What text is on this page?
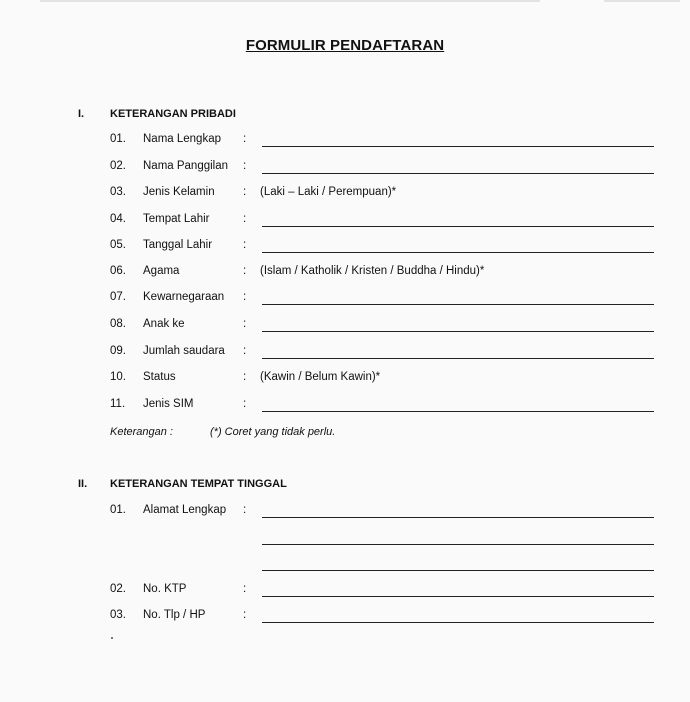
FORMULIR PENDAFTARAN
I. KETERANGAN PRIBADI
01. Nama Lengkap :
02. Nama Panggilan :
03. Jenis Kelamin : (Laki – Laki / Perempuan)*
04. Tempat Lahir	:
05. Tanggal Lahir	:
06. Agama	: (Islam / Katholik / Kristen / Buddha / Hindu)*
07. Kewarnegaraan :
08. Anak ke	:
09. Jumlah saudara :
10. Status	: (Kawin / Belum Kawin)*
11. Jenis SIM	:
Keterangan :	(*) Coret yang tidak perlu.
II. KETERANGAN TEMPAT TINGGAL
01. Alamat Lengkap :
02. No. KTP	:
03. No. Tlp / HP	:
